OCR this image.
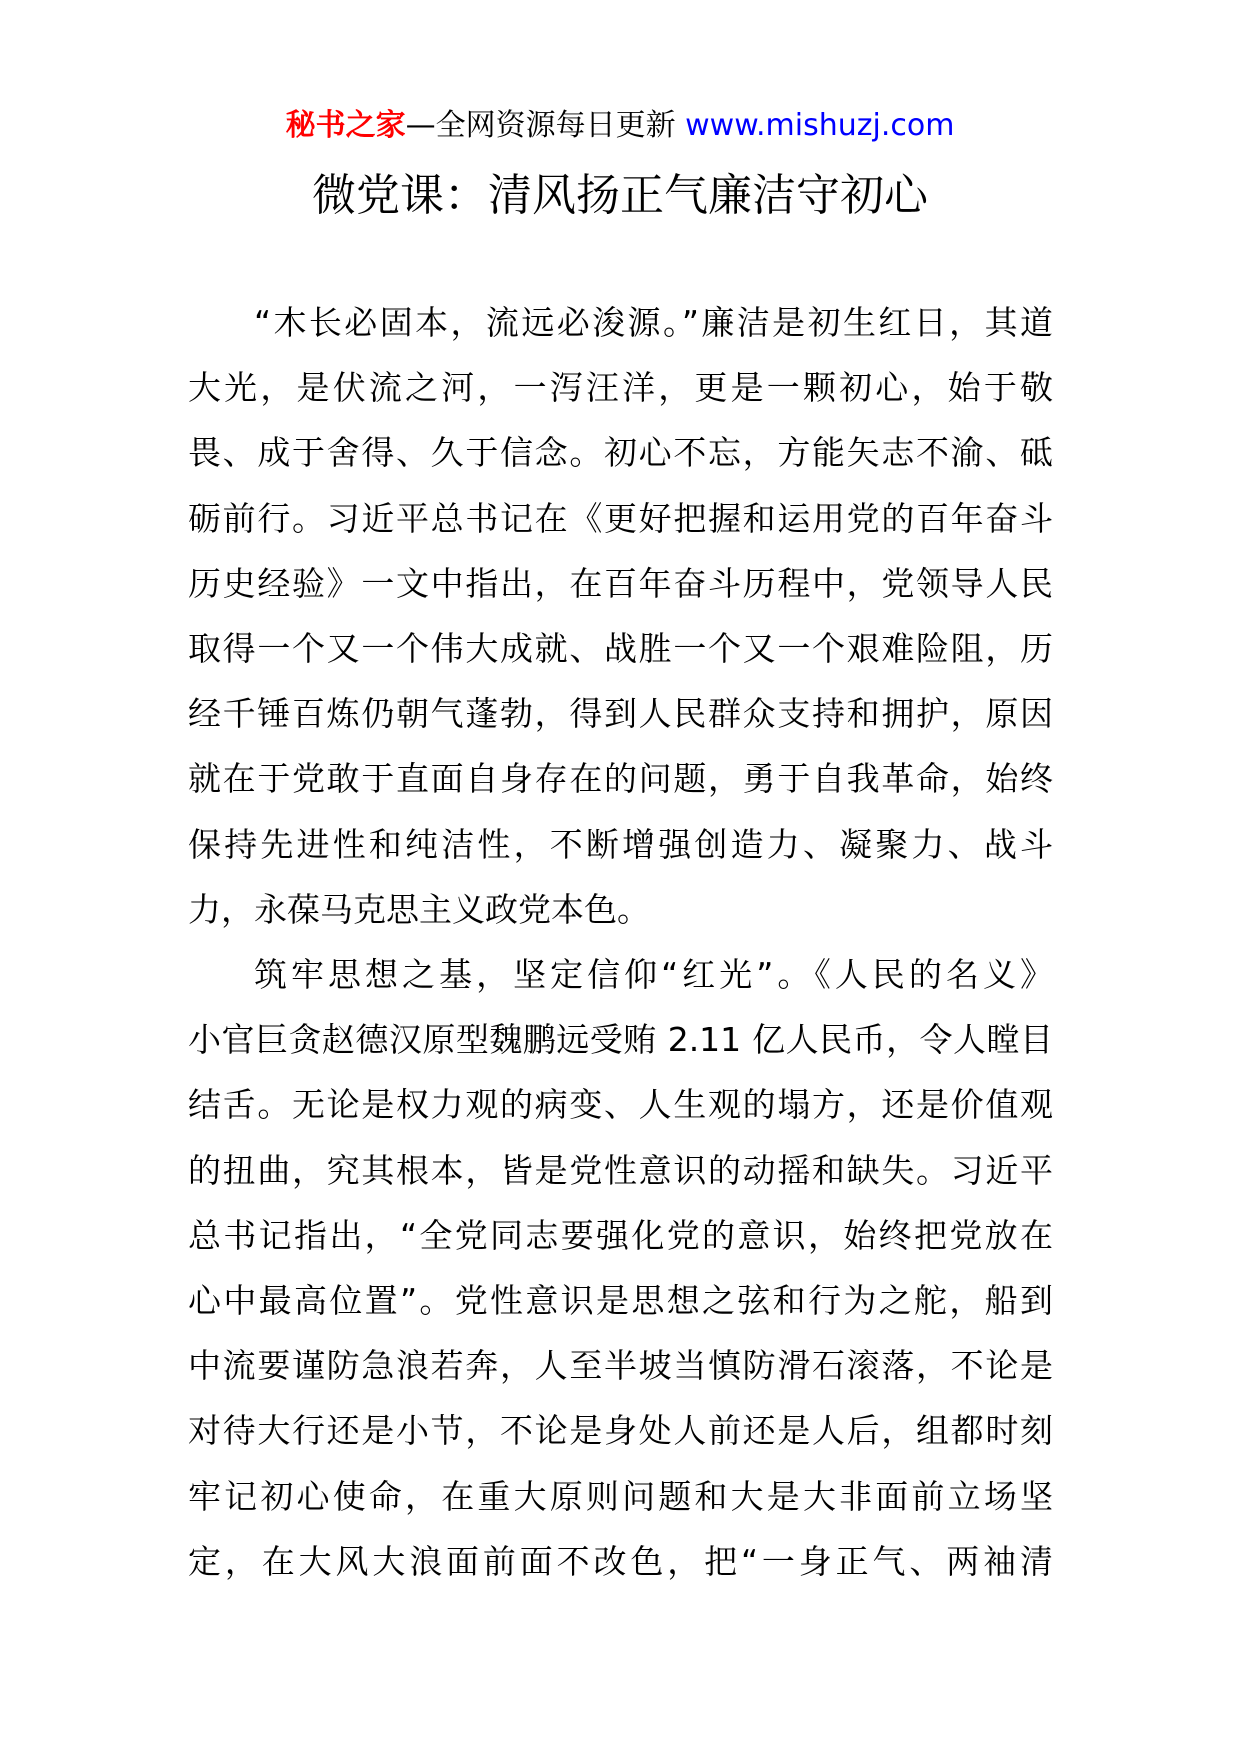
秘书之家—全网资源每日更新 www.mishuzj.com
微党课：清风扬正气廉洁守初心
“木长必固本，流远必浚源。”廉洁是初生红日，其道
大光，是伏流之河，一泻汪洋，更是一颗初心，始于敬
畏、成于舍得、久于信念。初心不忘，方能矢志不渝、砥
砺前行。习近平总书记在《更好把握和运用党的百年奋斗
历史经验》一文中指出，在百年奋斗历程中，党领导人民
取得一个又一个伟大成就、战胜一个又一个艰难险阻，历
经千锤百炼仍朝气蓬勃，得到人民群众支持和拥护，原因
就在于党敢于直面自身存在的问题，勇于自我革命，始终
保持先进性和纯洁性，不断增强创造力、凝聚力、战斗
力，永葆马克思主义政党本色。
筑牢思想之基，坚定信仰“红光”。《人民的名义》
小官巨贪赵德汉原型魏鹏远受贿 2.11 亿人民币，令人瞠目
结舌。无论是权力观的病变、人生观的塌方，还是价值观
的扭曲，究其根本，皆是党性意识的动摇和缺失。习近平
总书记指出，“全党同志要强化党的意识，始终把党放在
心中最高位置”。党性意识是思想之弦和行为之舵，船到
中流要谨防急浪若奔，人至半坡当慎防滑石滚落，不论是
对待大行还是小节，不论是身处人前还是人后，组都时刻
牢记初心使命，在重大原则问题和大是大非面前立场坚
定，在大风大浪面前面不改色，把“一身正气、两袖清
